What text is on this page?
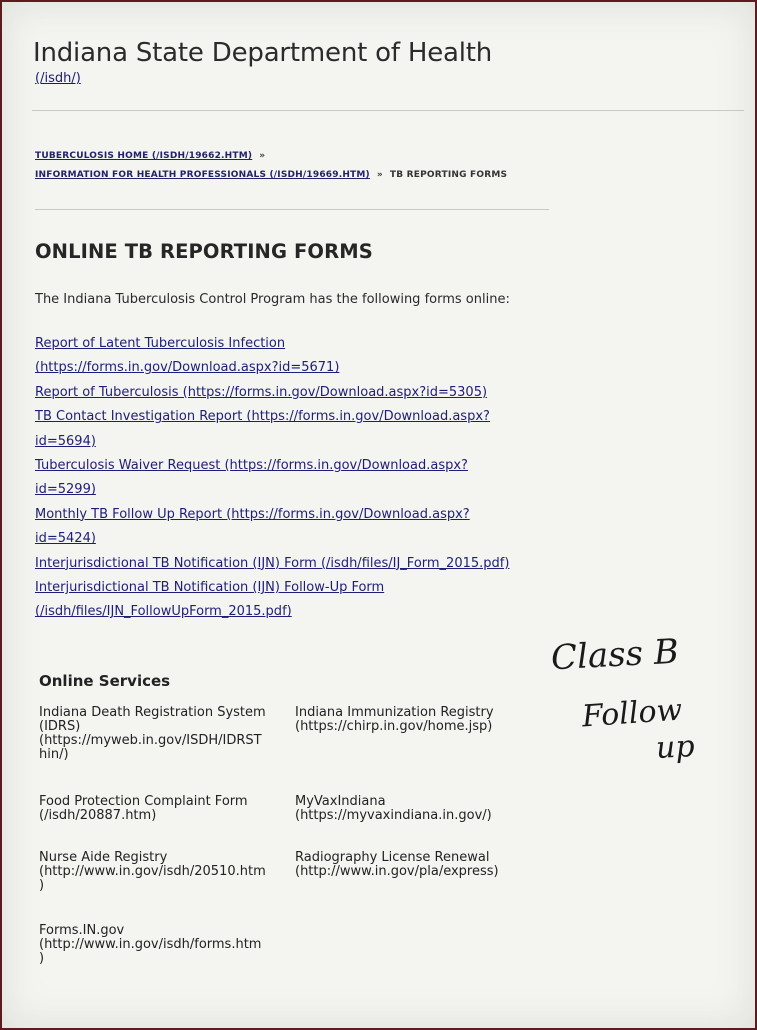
Indiana State Department of Health
(/isdh/)
TUBERCULOSIS HOME (/ISDH/19662.HTM) »
INFORMATION FOR HEALTH PROFESSIONALS (/ISDH/19669.HTM) » TB REPORTING FORMS
ONLINE TB REPORTING FORMS
The Indiana Tuberculosis Control Program has the following forms online:
Report of Latent Tuberculosis Infection
(https://forms.in.gov/Download.aspx?id=5671)
Report of Tuberculosis (https://forms.in.gov/Download.aspx?id=5305)
TB Contact Investigation Report (https://forms.in.gov/Download.aspx?
id=5694)
Tuberculosis Waiver Request (https://forms.in.gov/Download.aspx?
id=5299)
Monthly TB Follow Up Report (https://forms.in.gov/Download.aspx?
id=5424)
Interjurisdictional TB Notification (IJN) Form (/isdh/files/IJ_Form_2015.pdf)
Interjurisdictional TB Notification (IJN) Follow-Up Form
(/isdh/files/IJN_FollowUpForm_2015.pdf)
Online Services
Indiana Death Registration System
(IDRS)
(https://myweb.in.gov/ISDH/IDRST
hin/)
Indiana Immunization Registry
(https://chirp.in.gov/home.jsp)
Food Protection Complaint Form
(/isdh/20887.htm)
MyVaxIndiana
(https://myvaxindiana.in.gov/)
Nurse Aide Registry
(http://www.in.gov/isdh/20510.htm
)
Radiography License Renewal
(http://www.in.gov/pla/express)
Forms.IN.gov
(http://www.in.gov/isdh/forms.htm
)
Class B
Follow
up
